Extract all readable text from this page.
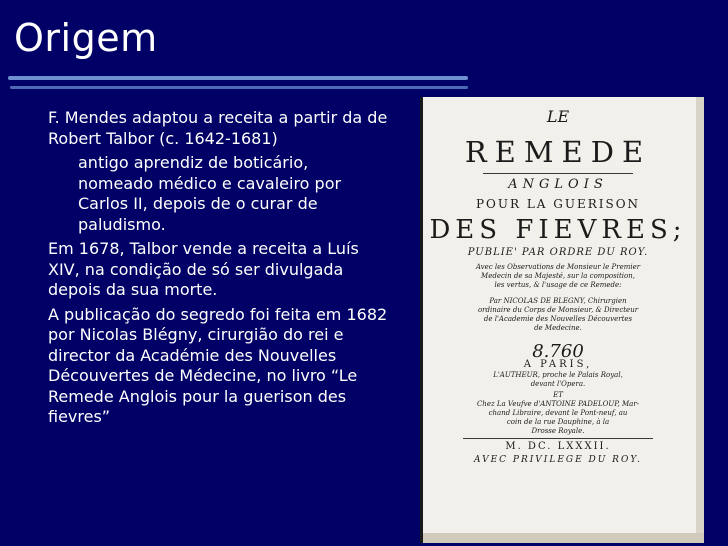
Origem
F. Mendes adaptou a receita a partir da de Robert Talbor (c. 1642-1681)
antigo aprendiz de boticário, nomeado médico e cavaleiro por Carlos II, depois de o curar de paludismo.
Em 1678, Talbor vende a receita a Luís XIV, na condição de só ser divulgada depois da sua morte.
A publicação do segredo foi feita em 1682 por Nicolas Blégny, cirurgião do rei e director da Académie des Nouvelles Découvertes de Médecine, no livro “Le Remede Anglois pour la guerison des fievres”
LE
REMEDE
ANGLOIS
POUR LA GUERISON
DES FIEVRES;
PUBLIE' PAR ORDRE DU ROY.
Avec les Observations de Monsieur le Premier
Medecin de sa Majesté, sur la composition,
les vertus, & l'usage de ce Remede:
Par NICOLAS DE BLEGNY, Chirurgien
ordinaire du Corps de Monsieur, & Directeur
de l'Academie des Nouvelles Découvertes
de Medecine.
8.760
A PARIS,
L'AUTHEUR, proche le Palais Royal,
devant l'Opera.
ET
Chez La Veufve d'ANTOINE PADELOUP, Mar-
chand Libraire, devant le Pont-neuf, au
coin de la rue Dauphine, à la
Drosse Royale.
M. DC. LXXXII.
AVEC PRIVILEGE DU ROY.
